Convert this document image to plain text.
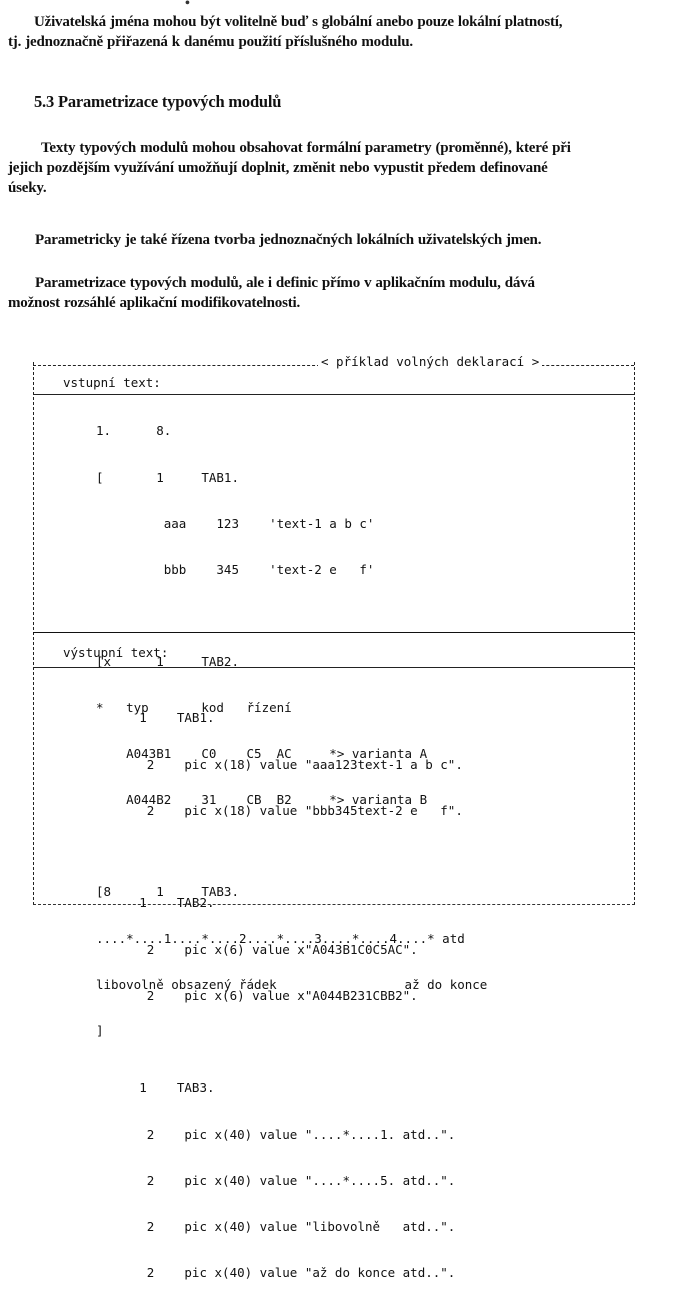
•
Uživatelská jména mohou být volitelně buď s globální anebo pouze lokální platností,
tj. jednoznačně přiřazená k danému použití příslušného modulu.
5.3 Parametrizace typových modulů
Texty typových modulů mohou obsahovat formální parametry (proměnné), které při
jejich pozdějším využívání umožňují doplnit, změnit nebo vypustit předem definované
úseky.
Parametricky je také řízena tvorba jednoznačných lokálních uživatelských jmen.
Parametrizace typových modulů, ale i definic přímo v aplikačním modulu, dává
možnost rozsáhlé aplikační modifikovatelnosti.
< příklad volných deklarací >
vstupní text:

1.      8.

[       1     TAB1.

aaa    123    'text-1 a b c'

bbb    345    'text-2 e   f'

[x      1     TAB2.

*   typ       kod   řízení

A043B1    C0    C5  AC     *> varianta A

A044B2    31    CB  B2     *> varianta B

[8      1     TAB3.

....*....1....*....2....*....3....*....4....* atd

libovolně obsazený řádek                 až do konce

]

výstupní text:

1    TAB1.

2    pic x(18) value "aaa123text-1 a b c".

2    pic x(18) value "bbb345text-2 e   f".

1    TAB2.

2    pic x(6) value x"A043B1C0C5AC".

2    pic x(6) value x"A044B231CBB2".

1    TAB3.

2    pic x(40) value "....*....1. atd..".

2    pic x(40) value "....*....5. atd..".

2    pic x(40) value "libovolně   atd..".

2    pic x(40) value "až do konce atd..".
